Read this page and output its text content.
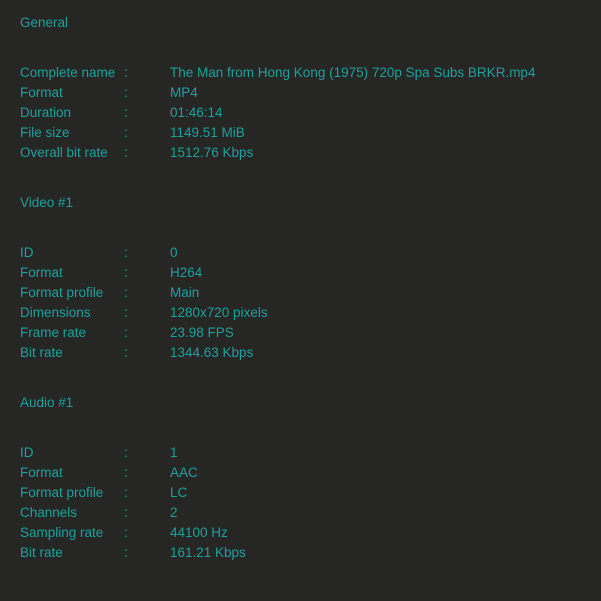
General
Complete name :	The Man from Hong Kong (1975) 720p Spa Subs BRKR.mp4
Format	:	MP4
Duration	:	01:46:14
File size	:	1149.51 MiB
Overall bit rate	:	1512.76 Kbps
Video #1
ID	:	0
Format	:	H264
Format profile	:	Main
Dimensions	:	1280x720 pixels
Frame rate	:	23.98 FPS
Bit rate	:	1344.63 Kbps
Audio #1
ID	:	1
Format	:	AAC
Format profile	:	LC
Channels	:	2
Sampling rate	:	44100 Hz
Bit rate	:	161.21 Kbps
